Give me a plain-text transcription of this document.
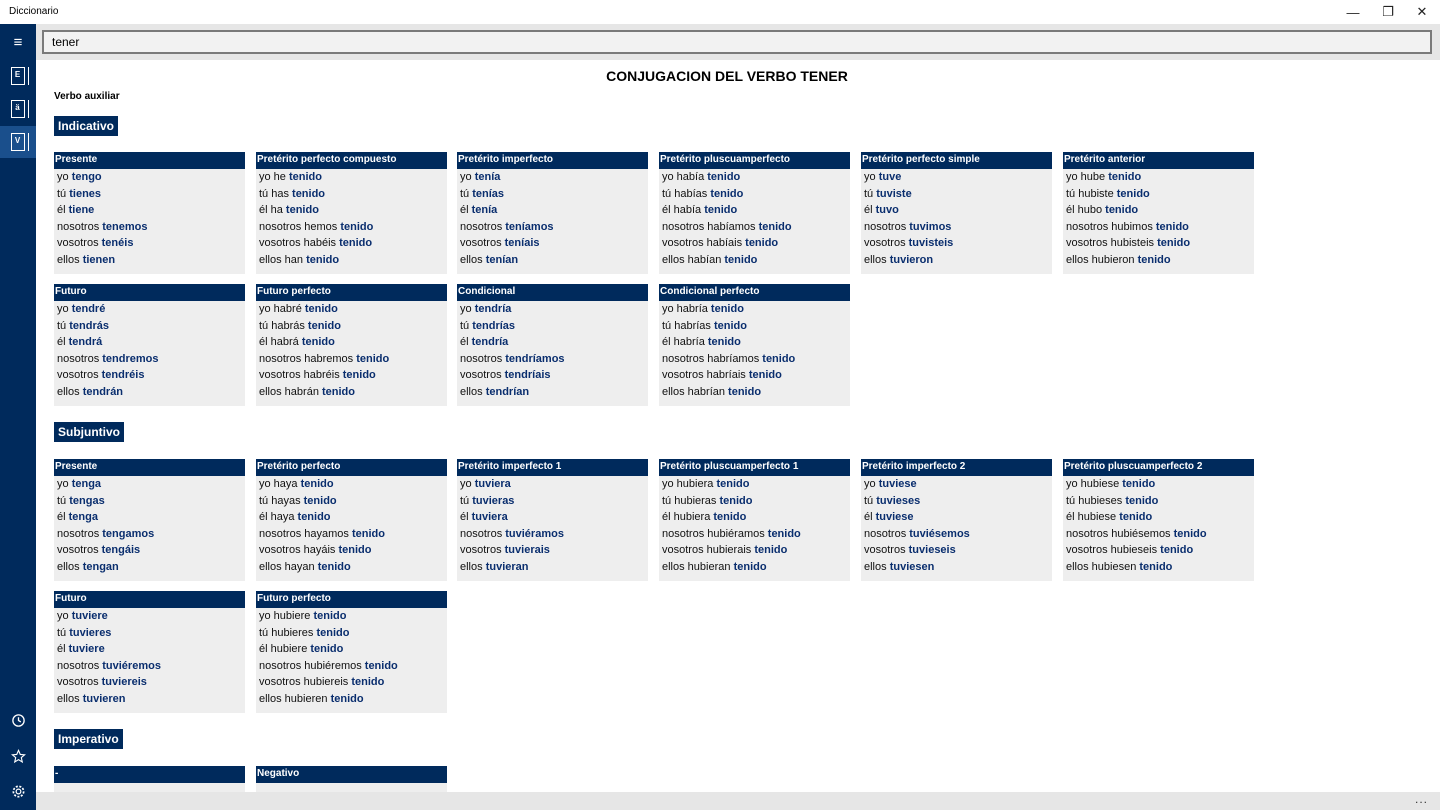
Diccionario	—	❐	✕
≡
E
ä
V
tener
CONJUGACION DEL VERBO TENER
Verbo auxiliar
Indicativo
Presente
yo tengo
tú tienes
él tiene
nosotros tenemos
vosotros tenéis
ellos tienen
Pretérito perfecto compuesto
yo he tenido
tú has tenido
él ha tenido
nosotros hemos tenido
vosotros habéis tenido
ellos han tenido
Pretérito imperfecto
yo tenía
tú tenías
él tenía
nosotros teníamos
vosotros teníais
ellos tenían
Pretérito pluscuamperfecto
yo había tenido
tú habías tenido
él había tenido
nosotros habíamos tenido
vosotros habíais tenido
ellos habían tenido
Pretérito perfecto simple
yo tuve
tú tuviste
él tuvo
nosotros tuvimos
vosotros tuvisteis
ellos tuvieron
Pretérito anterior
yo hube tenido
tú hubiste tenido
él hubo tenido
nosotros hubimos tenido
vosotros hubisteis tenido
ellos hubieron tenido
Futuro
yo tendré
tú tendrás
él tendrá
nosotros tendremos
vosotros tendréis
ellos tendrán
Futuro perfecto
yo habré tenido
tú habrás tenido
él habrá tenido
nosotros habremos tenido
vosotros habréis tenido
ellos habrán tenido
Condicional
yo tendría
tú tendrías
él tendría
nosotros tendríamos
vosotros tendríais
ellos tendrían
Condicional perfecto
yo habría tenido
tú habrías tenido
él habría tenido
nosotros habríamos tenido
vosotros habríais tenido
ellos habrían tenido
Subjuntivo
Presente
yo tenga
tú tengas
él tenga
nosotros tengamos
vosotros tengáis
ellos tengan
Pretérito perfecto
yo haya tenido
tú hayas tenido
él haya tenido
nosotros hayamos tenido
vosotros hayáis tenido
ellos hayan tenido
Pretérito imperfecto 1
yo tuviera
tú tuvieras
él tuviera
nosotros tuviéramos
vosotros tuvierais
ellos tuvieran
Pretérito pluscuamperfecto 1
yo hubiera tenido
tú hubieras tenido
él hubiera tenido
nosotros hubiéramos tenido
vosotros hubierais tenido
ellos hubieran tenido
Pretérito imperfecto 2
yo tuviese
tú tuvieses
él tuviese
nosotros tuviésemos
vosotros tuvieseis
ellos tuviesen
Pretérito pluscuamperfecto 2
yo hubiese tenido
tú hubieses tenido
él hubiese tenido
nosotros hubiésemos tenido
vosotros hubieseis tenido
ellos hubiesen tenido
Futuro
yo tuviere
tú tuvieres
él tuviere
nosotros tuviéremos
vosotros tuviereis
ellos tuvieren
Futuro perfecto
yo hubiere tenido
tú hubieres tenido
él hubiere tenido
nosotros hubiéremos tenido
vosotros hubiereis tenido
ellos hubieren tenido
Imperativo
-	Negativo
...
